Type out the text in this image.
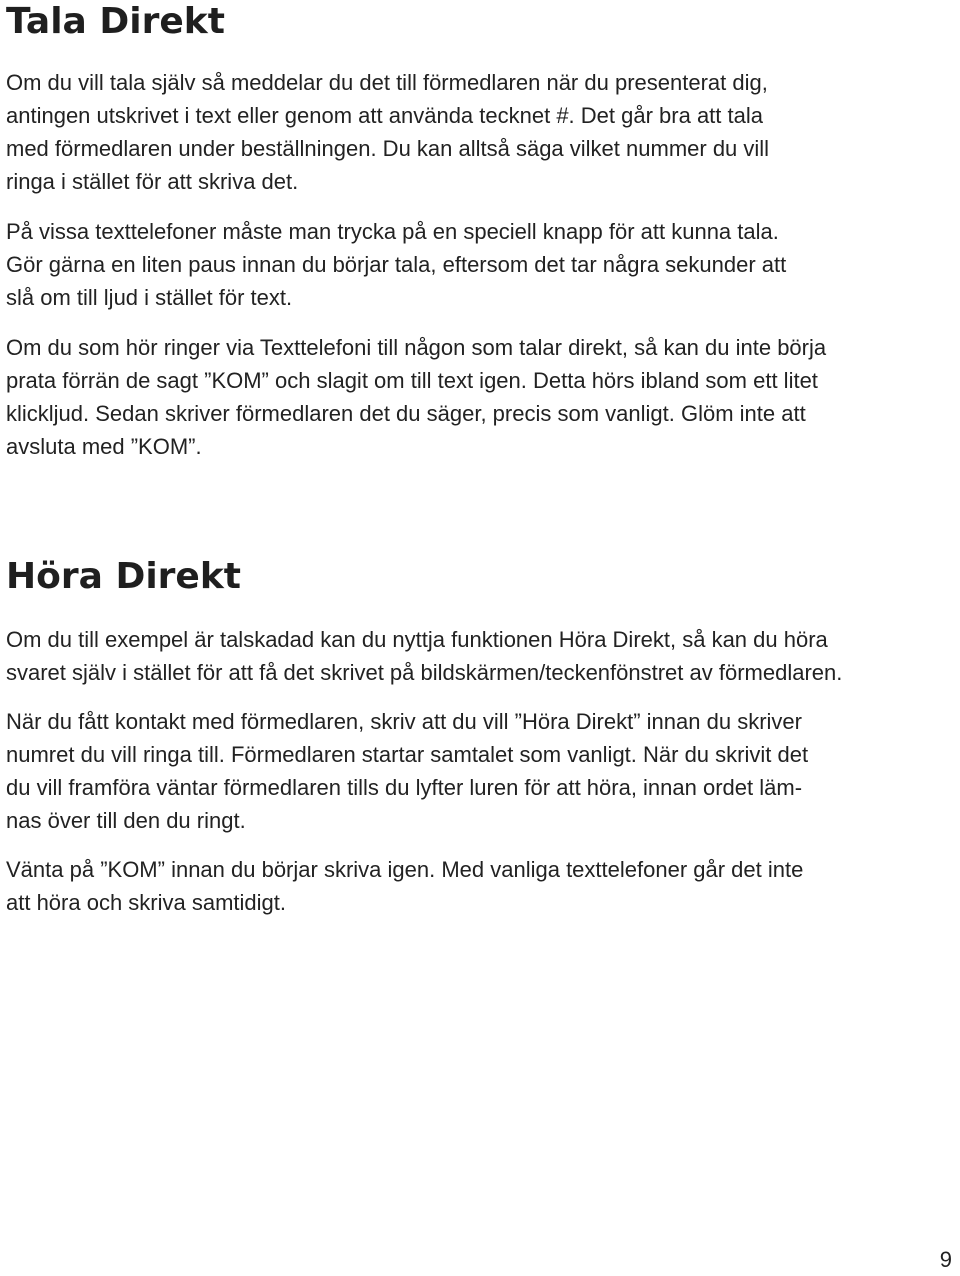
Tala Direkt

Om du vill tala själv så meddelar du det till förmedlaren när du presenterat dig,
antingen utskrivet i text eller genom att använda tecknet #. Det går bra att tala
med förmedlaren under beställningen. Du kan alltså säga vilket nummer du vill
ringa i stället för att skriva det.

På vissa texttelefoner måste man trycka på en speciell knapp för att kunna tala.
Gör gärna en liten paus innan du börjar tala, eftersom det tar några sekunder att
slå om till ljud i stället för text.

Om du som hör ringer via Texttelefoni till någon som talar direkt, så kan du inte börja
prata förrän de sagt ”KOM” och slagit om till text igen. Detta hörs ibland som ett litet
klickljud. Sedan skriver förmedlaren det du säger, precis som vanligt. Glöm inte att
avsluta med ”KOM”.

Höra Direkt

Om du till exempel är talskadad kan du nyttja funktionen Höra Direkt, så kan du höra
svaret själv i stället för att få det skrivet på bildskärmen/teckenfönstret av förmedlaren.

När du fått kontakt med förmedlaren, skriv att du vill ”Höra Direkt” innan du skriver
numret du vill ringa till. Förmedlaren startar samtalet som vanligt. När du skrivit det
du vill framföra väntar förmedlaren tills du lyfter luren för att höra, innan ordet läm-
nas över till den du ringt.

Vänta på ”KOM” innan du börjar skriva igen. Med vanliga texttelefoner går det inte
att höra och skriva samtidigt.

9
